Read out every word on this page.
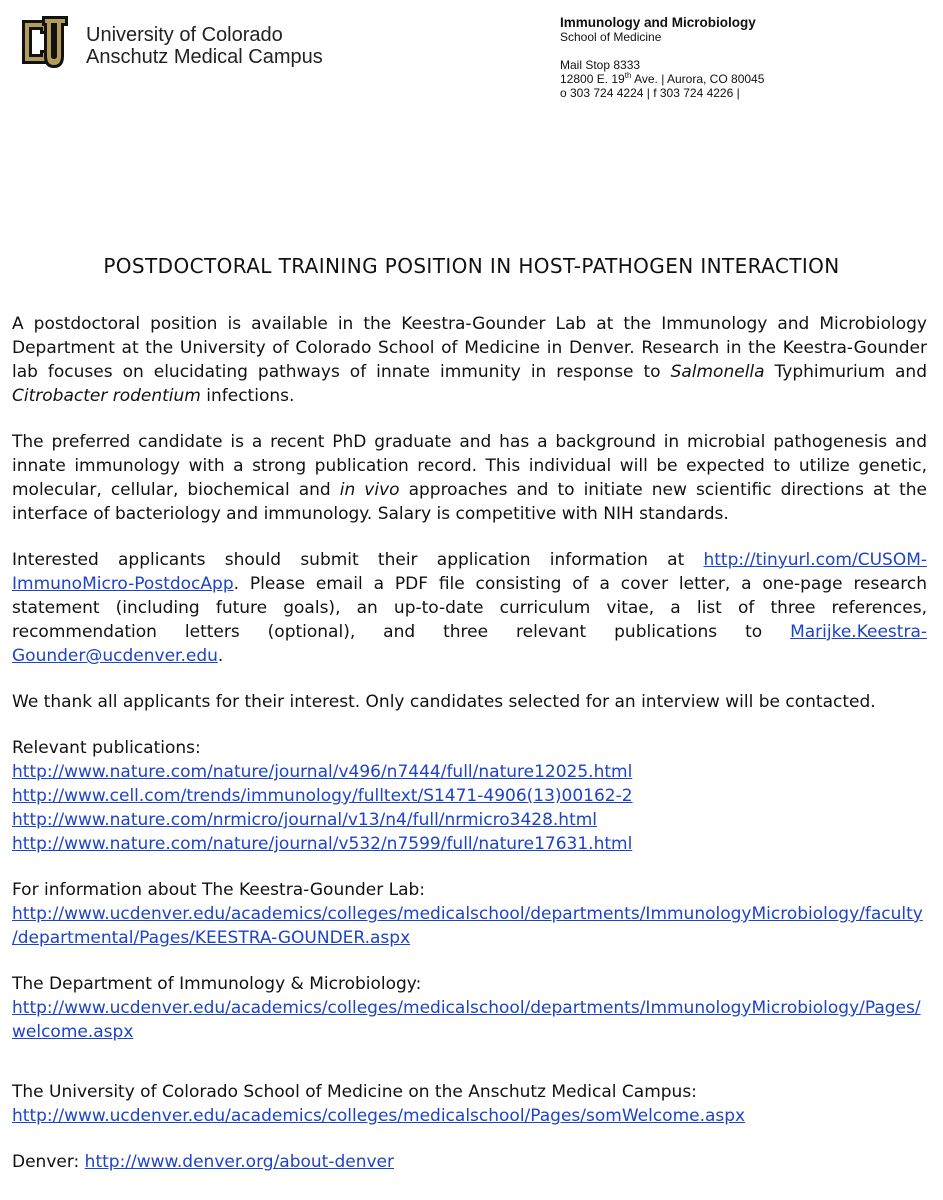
University of Colorado
Anschutz Medical Campus
Immunology and Microbiology
School of Medicine
Mail Stop 8333
12800 E. 19th Ave. | Aurora, CO 80045
o 303 724 4224 | f 303 724 4226 |
POSTDOCTORAL TRAINING POSITION IN HOST-PATHOGEN INTERACTION

A postdoctoral position is available in the Keestra-Gounder Lab at the Immunology and Microbiology Department at the University of Colorado School of Medicine in Denver. Research in the Keestra-Gounder lab focuses on elucidating pathways of innate immunity in response to Salmonella Typhimurium and Citrobacter rodentium infections.

The preferred candidate is a recent PhD graduate and has a background in microbial pathogenesis and innate immunology with a strong publication record. This individual will be expected to utilize genetic, molecular, cellular, biochemical and in vivo approaches and to initiate new scientific directions at the interface of bacteriology and immunology. Salary is competitive with NIH standards.

Interested applicants should submit their application information at http://tinyurl.com/CUSOM-ImmunoMicro-PostdocApp. Please email a PDF file consisting of a cover letter, a one-page research statement (including future goals), an up-to-date curriculum vitae, a list of three references, recommendation letters (optional), and three relevant publications to Marijke.Keestra-Gounder@ucdenver.edu.

We thank all applicants for their interest. Only candidates selected for an interview will be contacted.

Relevant publications:
http://www.nature.com/nature/journal/v496/n7444/full/nature12025.html
http://www.cell.com/trends/immunology/fulltext/S1471-4906(13)00162-2
http://www.nature.com/nrmicro/journal/v13/n4/full/nrmicro3428.html
http://www.nature.com/nature/journal/v532/n7599/full/nature17631.html

For information about The Keestra-Gounder Lab:
http://www.ucdenver.edu/academics/colleges/medicalschool/departments/ImmunologyMicrobiology/faculty
/departmental/Pages/KEESTRA-GOUNDER.aspx

The Department of Immunology & Microbiology:
http://www.ucdenver.edu/academics/colleges/medicalschool/departments/ImmunologyMicrobiology/Pages/
welcome.aspx

The University of Colorado School of Medicine on the Anschutz Medical Campus:
http://www.ucdenver.edu/academics/colleges/medicalschool/Pages/somWelcome.aspx

Denver: http://www.denver.org/about-denver
